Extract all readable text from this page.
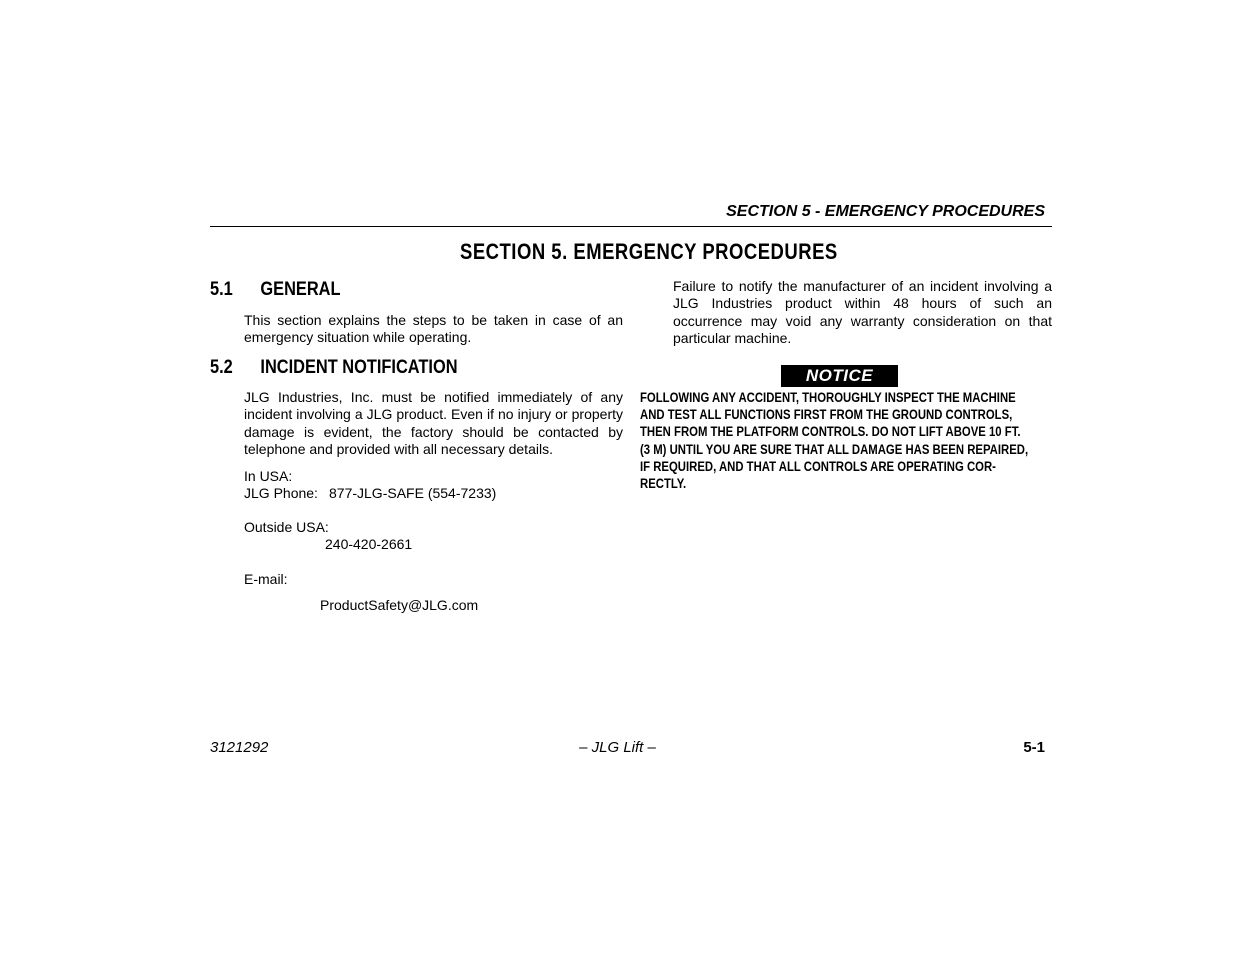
SECTION 5 - EMERGENCY PROCEDURES
SECTION 5. EMERGENCY PROCEDURES
5.1 GENERAL
This section explains the steps to be taken in case of an emergency situation while operating.
5.2 INCIDENT NOTIFICATION
JLG Industries, Inc. must be notified immediately of any incident involving a JLG product. Even if no injury or property damage is evident, the factory should be contacted by telephone and provided with all necessary details.
In USA:
JLG Phone: 877-JLG-SAFE (554-7233)
Outside USA:
240-420-2661
E-mail:
ProductSafety@JLG.com
Failure to notify the manufacturer of an incident involving a JLG Industries product within 48 hours of such an occurrence may void any warranty consideration on that particular machine.
NOTICE
FOLLOWING ANY ACCIDENT, THOROUGHLY INSPECT THE MACHINE
AND TEST ALL FUNCTIONS FIRST FROM THE GROUND CONTROLS,
THEN FROM THE PLATFORM CONTROLS. DO NOT LIFT ABOVE 10 FT.
(3 M) UNTIL YOU ARE SURE THAT ALL DAMAGE HAS BEEN REPAIRED,
IF REQUIRED, AND THAT ALL CONTROLS ARE OPERATING COR-
RECTLY.
3121292	– JLG Lift –	5-1
